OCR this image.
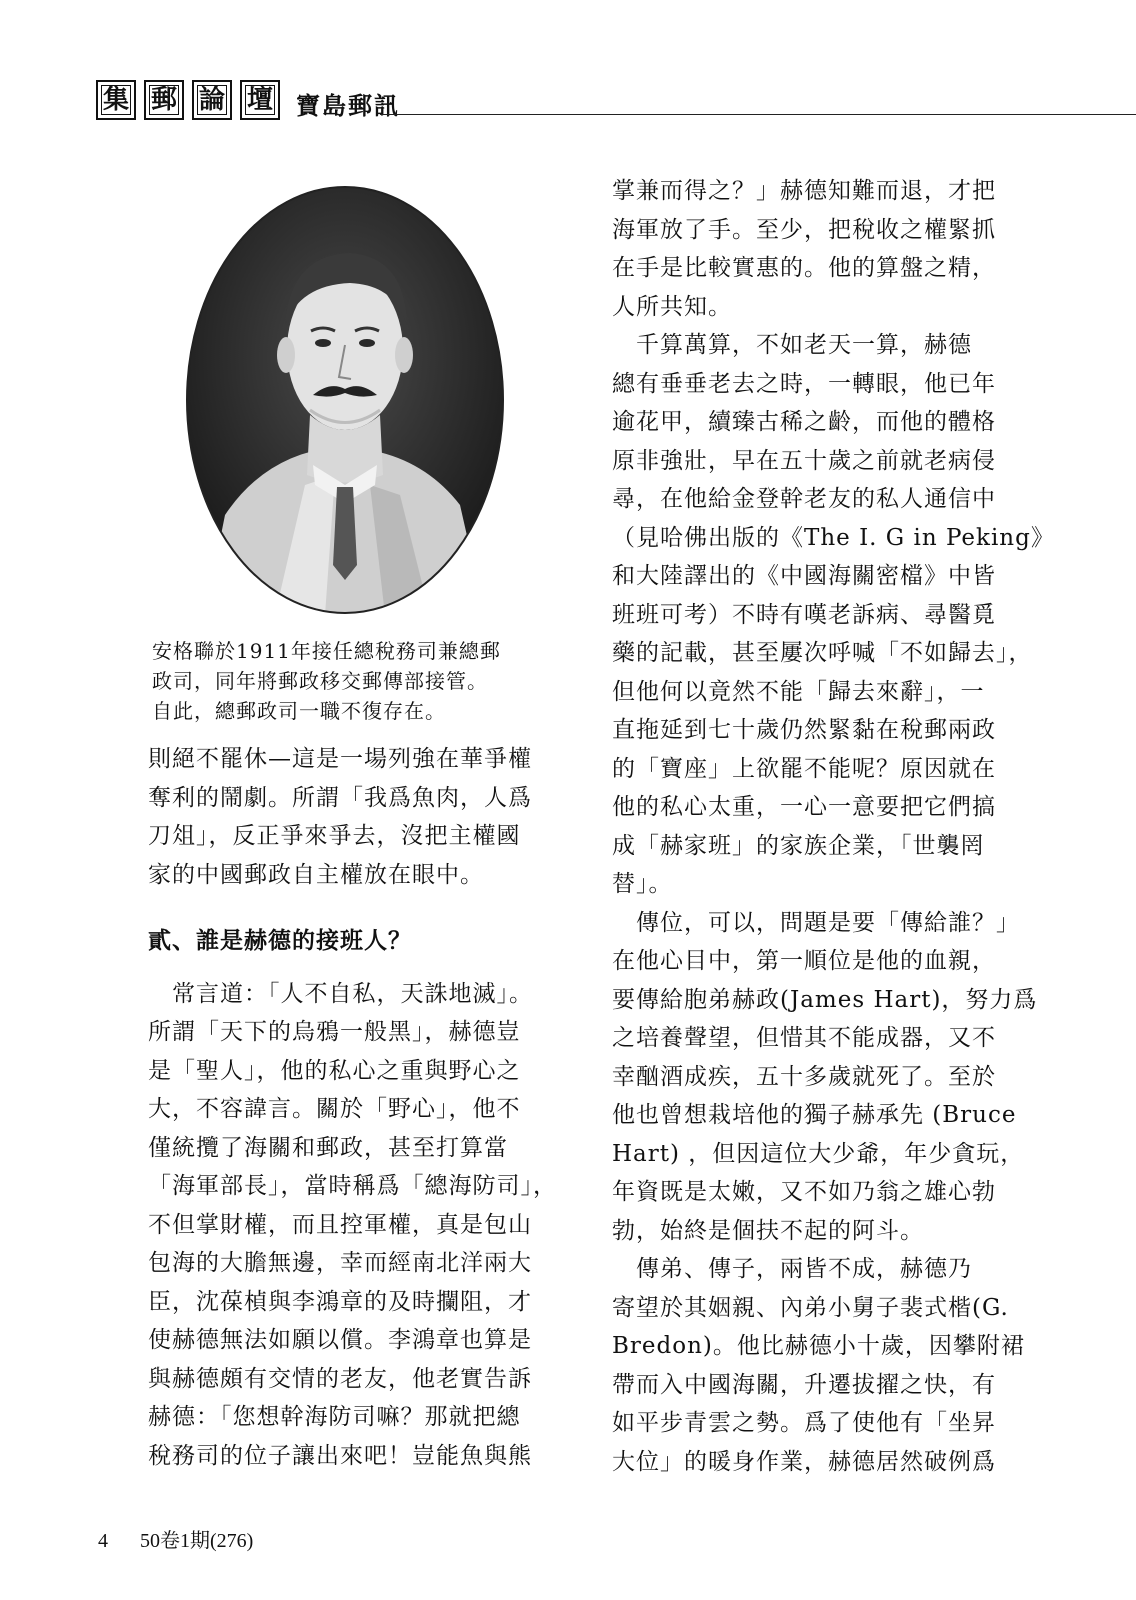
集 郵 論 壇 寶島郵訊
安格聯於1911年接任總稅務司兼總郵
政司，同年將郵政移交郵傳部接管。
自此，總郵政司一職不復存在。
則絕不罷休—這是一場列強在華爭權
奪利的鬧劇。所謂「我爲魚肉，人爲
刀俎」，反正爭來爭去，沒把主權國
家的中國郵政自主權放在眼中。
貳、誰是赫德的接班人？
　常言道：「人不自私，天誅地滅」。
所謂「天下的烏鴉一般黑」，赫德豈
是「聖人」，他的私心之重與野心之
大，不容諱言。關於「野心」，他不
僅統攬了海關和郵政，甚至打算當
「海軍部長」，當時稱爲「總海防司」，
不但掌財權，而且控軍權，真是包山
包海的大膽無邊，幸而經南北洋兩大
臣，沈葆楨與李鴻章的及時攔阻，才
使赫德無法如願以償。李鴻章也算是
與赫德頗有交情的老友，他老實告訴
赫德：「您想幹海防司嘛？那就把總
稅務司的位子讓出來吧！豈能魚與熊
掌兼而得之？」赫德知難而退，才把
海軍放了手。至少，把稅收之權緊抓
在手是比較實惠的。他的算盤之精，
人所共知。
　千算萬算，不如老天一算，赫德
總有垂垂老去之時，一轉眼，他已年
逾花甲，續臻古稀之齡，而他的體格
原非強壯，早在五十歲之前就老病侵
尋，在他給金登幹老友的私人通信中
（見哈佛出版的《The I. G in Peking》
和大陸譯出的《中國海關密檔》中皆
班班可考）不時有嘆老訴病、尋醫覓
藥的記載，甚至屢次呼喊「不如歸去」，
但他何以竟然不能「歸去來辭」，一
直拖延到七十歲仍然緊黏在稅郵兩政
的「寶座」上欲罷不能呢？原因就在
他的私心太重，一心一意要把它們搞
成「赫家班」的家族企業，「世襲罔
替」。
　傳位，可以，問題是要「傳給誰？」
在他心目中，第一順位是他的血親，
要傳給胞弟赫政(James Hart)，努力爲
之培養聲望，但惜其不能成器，又不
幸酗酒成疾，五十多歲就死了。至於
他也曾想栽培他的獨子赫承先 (Bruce
Hart) ，但因這位大少爺，年少貪玩，
年資既是太嫩，又不如乃翁之雄心勃
勃，始終是個扶不起的阿斗。
　傳弟、傳子，兩皆不成，赫德乃
寄望於其姻親、內弟小舅子裴式楷(G.
Bredon)。他比赫德小十歲，因攀附裙
帶而入中國海關，升遷拔擢之快，有
如平步青雲之勢。爲了使他有「坐昇
大位」的暖身作業，赫德居然破例爲
4 50卷1期(276)
